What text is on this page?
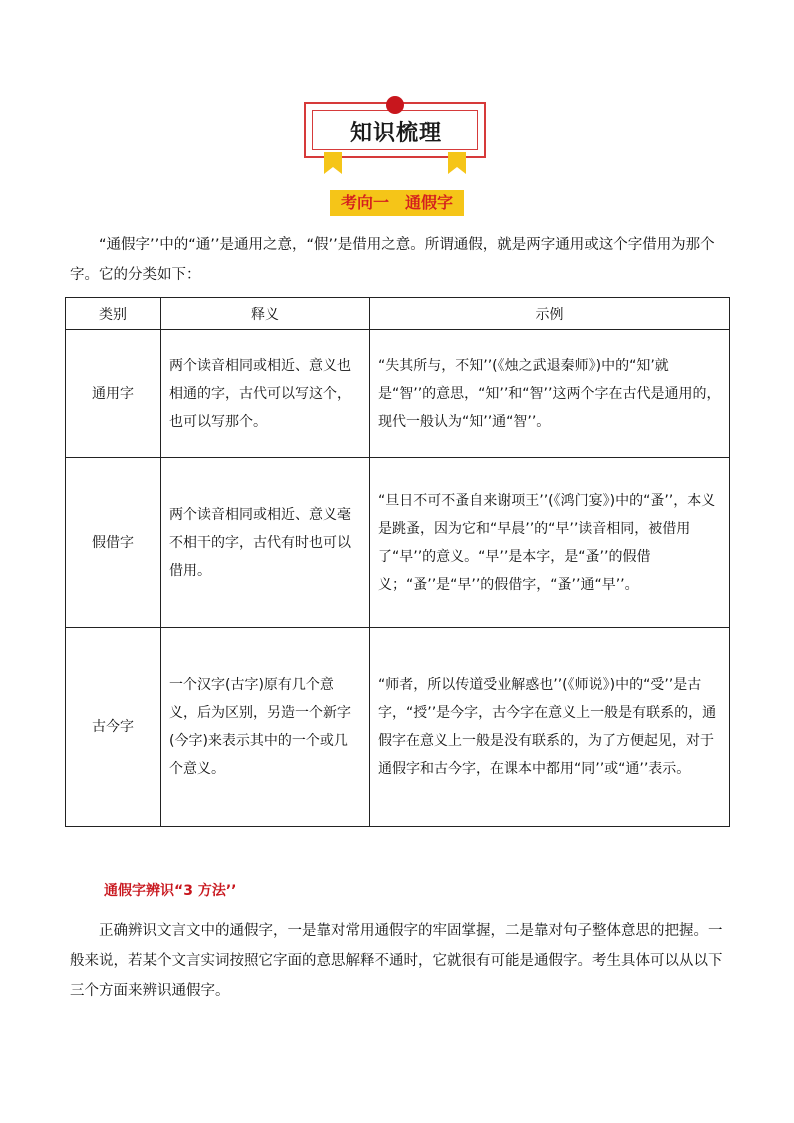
知识梳理
考向一　通假字
“通假字’’中的“通’’是通用之意，“假’’是借用之意。所谓通假，就是两字通用或这个字借用为那个字。它的分类如下：
类别	释义	示例
通用字	两个读音相同或相近、意义也相通的字，古代可以写这个，也可以写那个。	“失其所与，不知’’(《烛之武退秦师》)中的“知’就是“智’’的意思，“知’’和“智’’这两个字在古代是通用的，现代一般认为“知’’通“智’’。
假借字	两个读音相同或相近、意义毫不相干的字，古代有时也可以借用。	“旦日不可不蚤自来谢项王’’(《鸿门宴》)中的“蚤’’，本义是跳蚤，因为它和“早晨’’的“早’’读音相同，被借用了“早’’的意义。“早’’是本字，是“蚤’’的假借义；“蚤’’是“早’’的假借字，“蚤’’通“早’’。
古今字	一个汉字(古字)原有几个意义，后为区别，另造一个新字(今字)来表示其中的一个或几个意义。	“师者，所以传道受业解惑也’’(《师说》)中的“受’’是古字，“授’’是今字，古今字在意义上一般是有联系的，通假字在意义上一般是没有联系的，为了方便起见，对于通假字和古今字，在课本中都用“同’’或“通’’表示。
通假字辨识“3 方法’’
正确辨识文言文中的通假字，一是靠对常用通假字的牢固掌握，二是靠对句子整体意思的把握。一般来说，若某个文言实词按照它字面的意思解释不通时，它就很有可能是通假字。考生具体可以从以下三个方面来辨识通假字。
